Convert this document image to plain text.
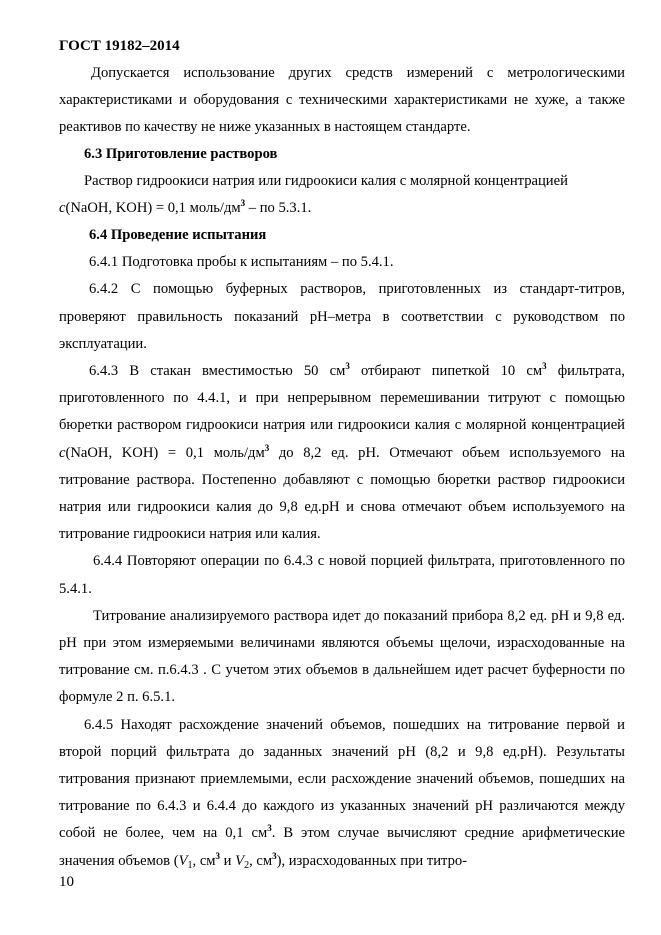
ГОСТ 19182–2014

Допускается использование других средств измерений с метрологическими характеристиками и оборудования с техническими характеристиками не хуже, а также реактивов по качеству не ниже указанных в настоящем стандарте.

6.3 Приготовление растворов

Раствор гидроокиси натрия или гидроокиси калия с молярной концентрацией
c(NaOH, KOH) = 0,1 моль/$дм^3$ – по 5.3.1.

6.4 Проведение испытания

6.4.1 Подготовка пробы к испытаниям – по 5.4.1.

6.4.2 С помощью буферных растворов, приготовленных из стандарт-титров, проверяют правильность показаний pH–метра в соответствии с руководством по эксплуатации.

6.4.3 В стакан вместимостью 50 $см^3$ отбирают пипеткой 10 $см^3$ фильтрата, приготовленного по 4.4.1, и при непрерывном перемешивании титруют с помощью бюретки раствором гидроокиси натрия или гидроокиси калия с молярной концентрацией c(NaOH, KOH) = 0,1 моль/$дм^3$ до 8,2 ед. pH. Отмечают объем используемого на титрование раствора. Постепенно добавляют с помощью бюретки раствор гидроокиси натрия или гидроокиси калия до 9,8 ед.pH и снова отмечают объем используемого на титрование гидроокиси натрия или калия.

6.4.4 Повторяют операции по 6.4.3 с новой порцией фильтрата, приготовленного по 5.4.1.

Титрование анализируемого раствора идет до показаний прибора 8,2 ед. pH и 9,8 ед. pH при этом измеряемыми величинами являются объемы щелочи, израсходованные на титрование см. п.6.4.3 . С учетом этих объемов в дальнейшем идет расчет буферности по формуле 2 п. 6.5.1.

6.4.5 Находят расхождение значений объемов, пошедших на титрование первой и второй порций фильтрата до заданных значений pH (8,2 и 9,8 ед.pH). Результаты титрования признают приемлемыми, если расхождение значений объемов, пошедших на титрование по 6.4.3 и 6.4.4 до каждого из указанных значений pH различаются между собой не более, чем на 0,1 $см^3$. В этом случае вычисляют средние арифметические значения объемов ($V_1$, $см^3$ и $V_2$, $см^3$), израсходованных при титро-

10
